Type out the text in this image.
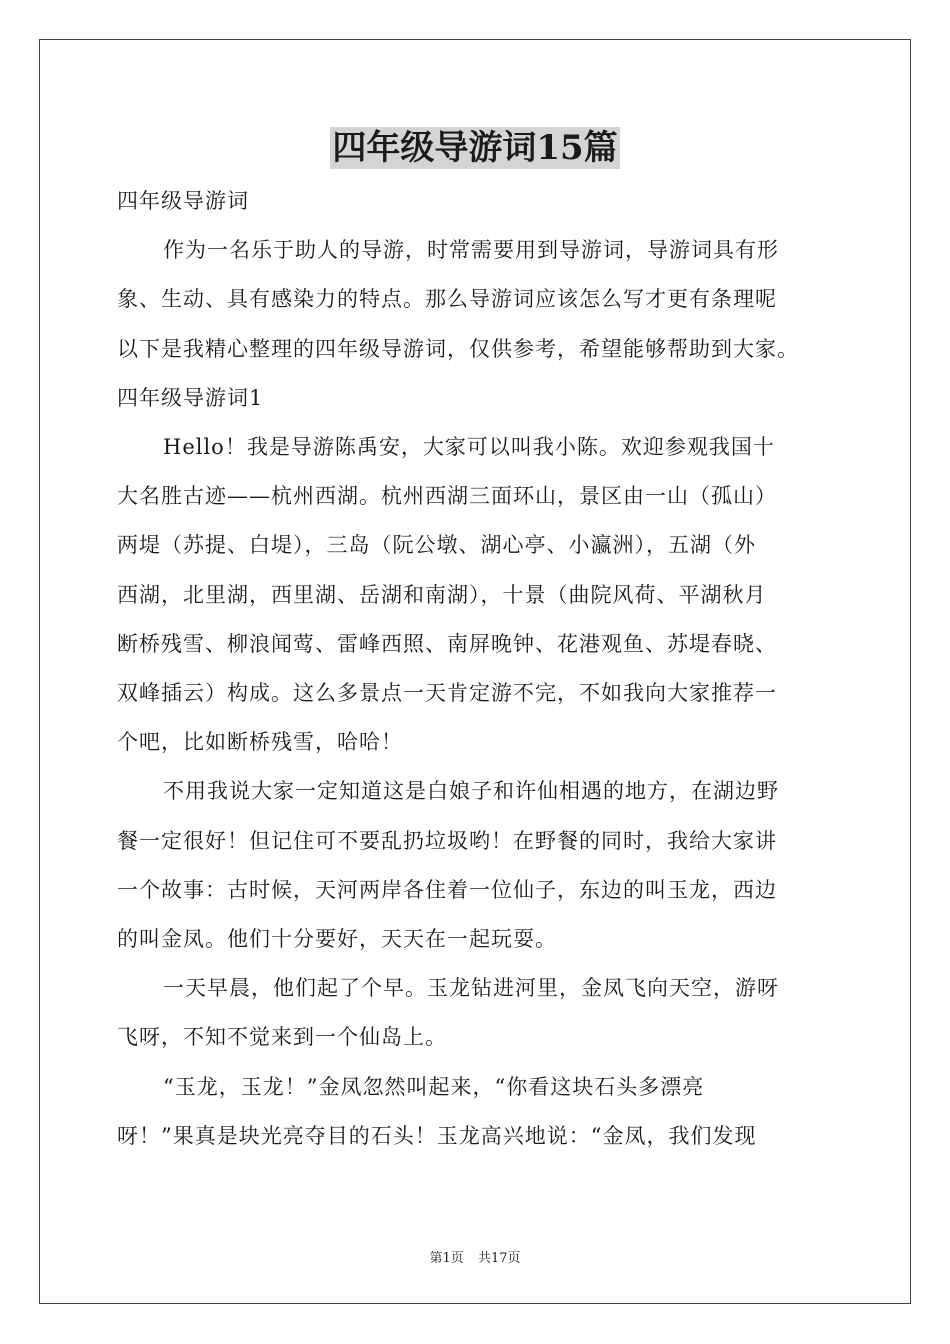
四年级导游词15篇
四年级导游词
作为一名乐于助人的导游，时常需要用到导游词，导游词具有形
象、生动、具有感染力的特点。那么导游词应该怎么写才更有条理呢
以下是我精心整理的四年级导游词，仅供参考，希望能够帮助到大家。
四年级导游词1
Hello！我是导游陈禹安，大家可以叫我小陈。欢迎参观我国十
大名胜古迹——杭州西湖。杭州西湖三面环山，景区由一山（孤山）
两堤（苏提、白堤），三岛（阮公墩、湖心亭、小瀛洲），五湖（外
西湖，北里湖，西里湖、岳湖和南湖），十景（曲院风荷、平湖秋月
断桥残雪、柳浪闻莺、雷峰西照、南屏晚钟、花港观鱼、苏堤春晓、
双峰插云）构成。这么多景点一天肯定游不完，不如我向大家推荐一
个吧，比如断桥残雪，哈哈！
不用我说大家一定知道这是白娘子和许仙相遇的地方，在湖边野
餐一定很好！但记住可不要乱扔垃圾哟！在野餐的同时，我给大家讲
一个故事：古时候，天河两岸各住着一位仙子，东边的叫玉龙，西边
的叫金凤。他们十分要好，天天在一起玩耍。
一天早晨，他们起了个早。玉龙钻进河里，金凤飞向天空，游呀
飞呀，不知不觉来到一个仙岛上。
“玉龙，玉龙！”金凤忽然叫起来，“你看这块石头多漂亮
呀！”果真是块光亮夺目的石头！玉龙高兴地说：“金凤，我们发现
第1页 共17页
